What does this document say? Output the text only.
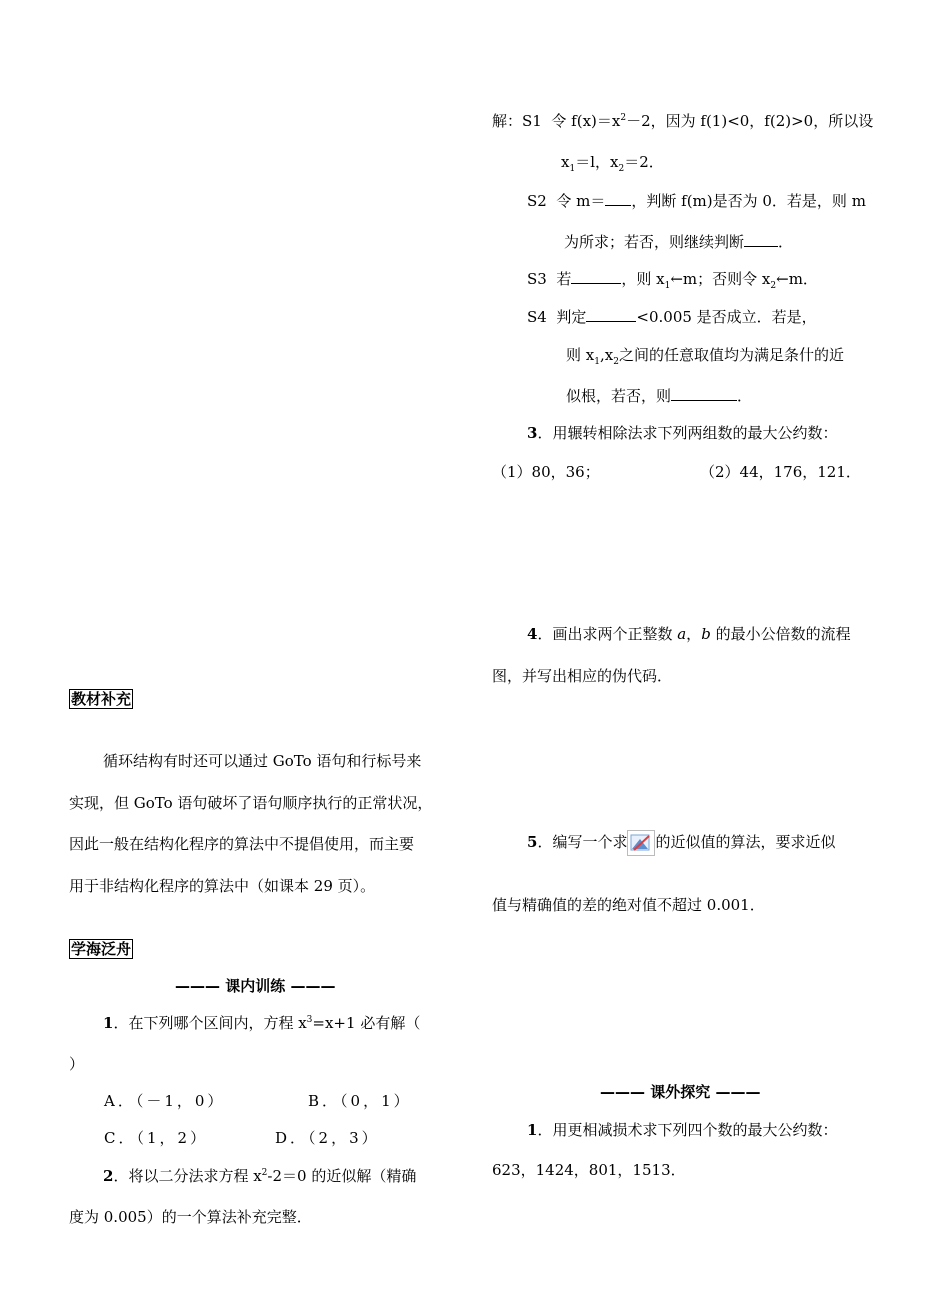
解：S1 令 $f(x)=x^2-2$，因为 f(1)<0，f(2)>0，所以设
$x_1=l$，$x_2=2$．
S2 令 m＝ ，判断 f(m)是否为 0．若是，则 m
为所求；若否，则继续判断 ．
S3 若	，则 $x_1\leftarrow m$；否则令 $x_2\leftarrow m$．
S4 判定	<0.005 是否成立．若是，
则 $x_1,x_2$之间的任意取值均为满足条什的近
似根，若否，则	．
3．用辗转相除法求下列两组数的最大公约数：
（1）80，36；	（2）44，176，121．
4．画出求两个正整数 a，b 的最小公倍数的流程
图，并写出相应的伪代码．
5．编写一个求 的近似值的算法，要求近似
值与精确值的差的绝对值不超过 0.001．
——— 课外探究 ———
1．用更相减损术求下列四个数的最大公约数：
623，1424，801，1513．
教材补充
循环结构有时还可以通过 GoTo 语句和行标号来
实现，但 GoTo 语句破坏了语句顺序执行的正常状况，
因此一般在结构化程序的算法中不提倡使用，而主要
用于非结构化程序的算法中（如课本 29 页）。
学海泛舟
——— 课内训练 ———
1．在下列哪个区间内，方程 $x^3=x+1$ 必有解（
）
A．（－1，0）	B．（0，1）
C．（1，2）	D．（2，3）
2．将以二分法求方程 $x^2-2=0$ 的近似解（精确
度为 0.005）的一个算法补充完整．
